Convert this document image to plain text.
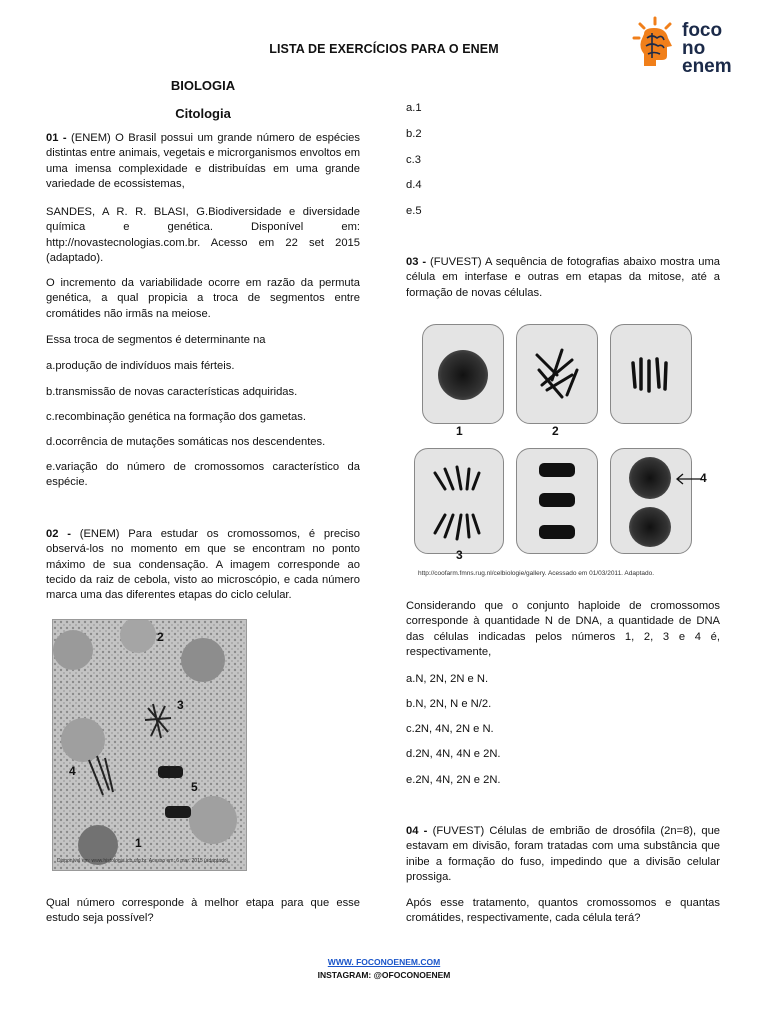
LISTA DE EXERCÍCIOS PARA O ENEM
foco
no enem
BIOLOGIA
Citologia

01 - (ENEM) O Brasil possui um grande número de espécies distintas entre animais, vegetais e microrganismos envoltos em uma imensa complexidade e distribuídas em uma grande variedade de ecossistemas,

SANDES, A R. R. BLASI, G.Biodiversidade e diversidade química e genética. Disponível em: http://novastecnologias.com.br. Acesso em 22 set 2015 (adaptado).
O incremento da variabilidade ocorre em razão da permuta genética, a qual propicia a troca de segmentos entre cromátides não irmãs na meiose.
Essa troca de segmentos é determinante na
a.produção de indivíduos mais férteis.
b.transmissão de novas características adquiridas.
c.recombinação genética na formação dos gametas.
d.ocorrência de mutações somáticas nos descendentes.
e.variação do número de cromossomos característico da espécie.

02 - (ENEM) Para estudar os cromossomos, é preciso observá-los no momento em que se encontram no ponto máximo de sua condensação. A imagem corresponde ao tecido da raiz de cebola, visto ao microscópio, e cada número marca uma das diferentes etapas do ciclo celular.

2
3
4
5
1
Disponível em: www.histologia.icb.ufg.br. Acesso em: 6 mar. 2015 (adaptado).
Qual número corresponde à melhor etapa para que esse estudo seja possível?
a.1
b.2
c.3
d.4
e.5

03 - (FUVEST) A sequência de fotografias abaixo mostra uma célula em interfase e outras em etapas da mitose, até a formação de novas células.

1	2
4
3
http://coofarm.fmns.rug.nl/celbiologie/gallery. Acessado em 01/03/2011. Adaptado.
Considerando que o conjunto haploide de cromossomos corresponde à quantidade N de DNA, a quantidade de DNA das células indicadas pelos números 1, 2, 3 e 4 é, respectivamente,
a.N, 2N, 2N e N.
b.N, 2N, N e N/2.
c.2N, 4N, 2N e N.
d.2N, 4N, 4N e 2N.
e.2N, 4N, 2N e 2N.

04 - (FUVEST) Células de embrião de drosófila (2n=8), que estavam em divisão, foram tratadas com uma substância que inibe a formação do fuso, impedindo que a divisão celular prossiga.

Após esse tratamento, quantos cromossomos e quantas cromátides, respectivamente, cada célula terá?
WWW. FOCONOENEM.COM
INSTAGRAM: @OFOCONOENEM
